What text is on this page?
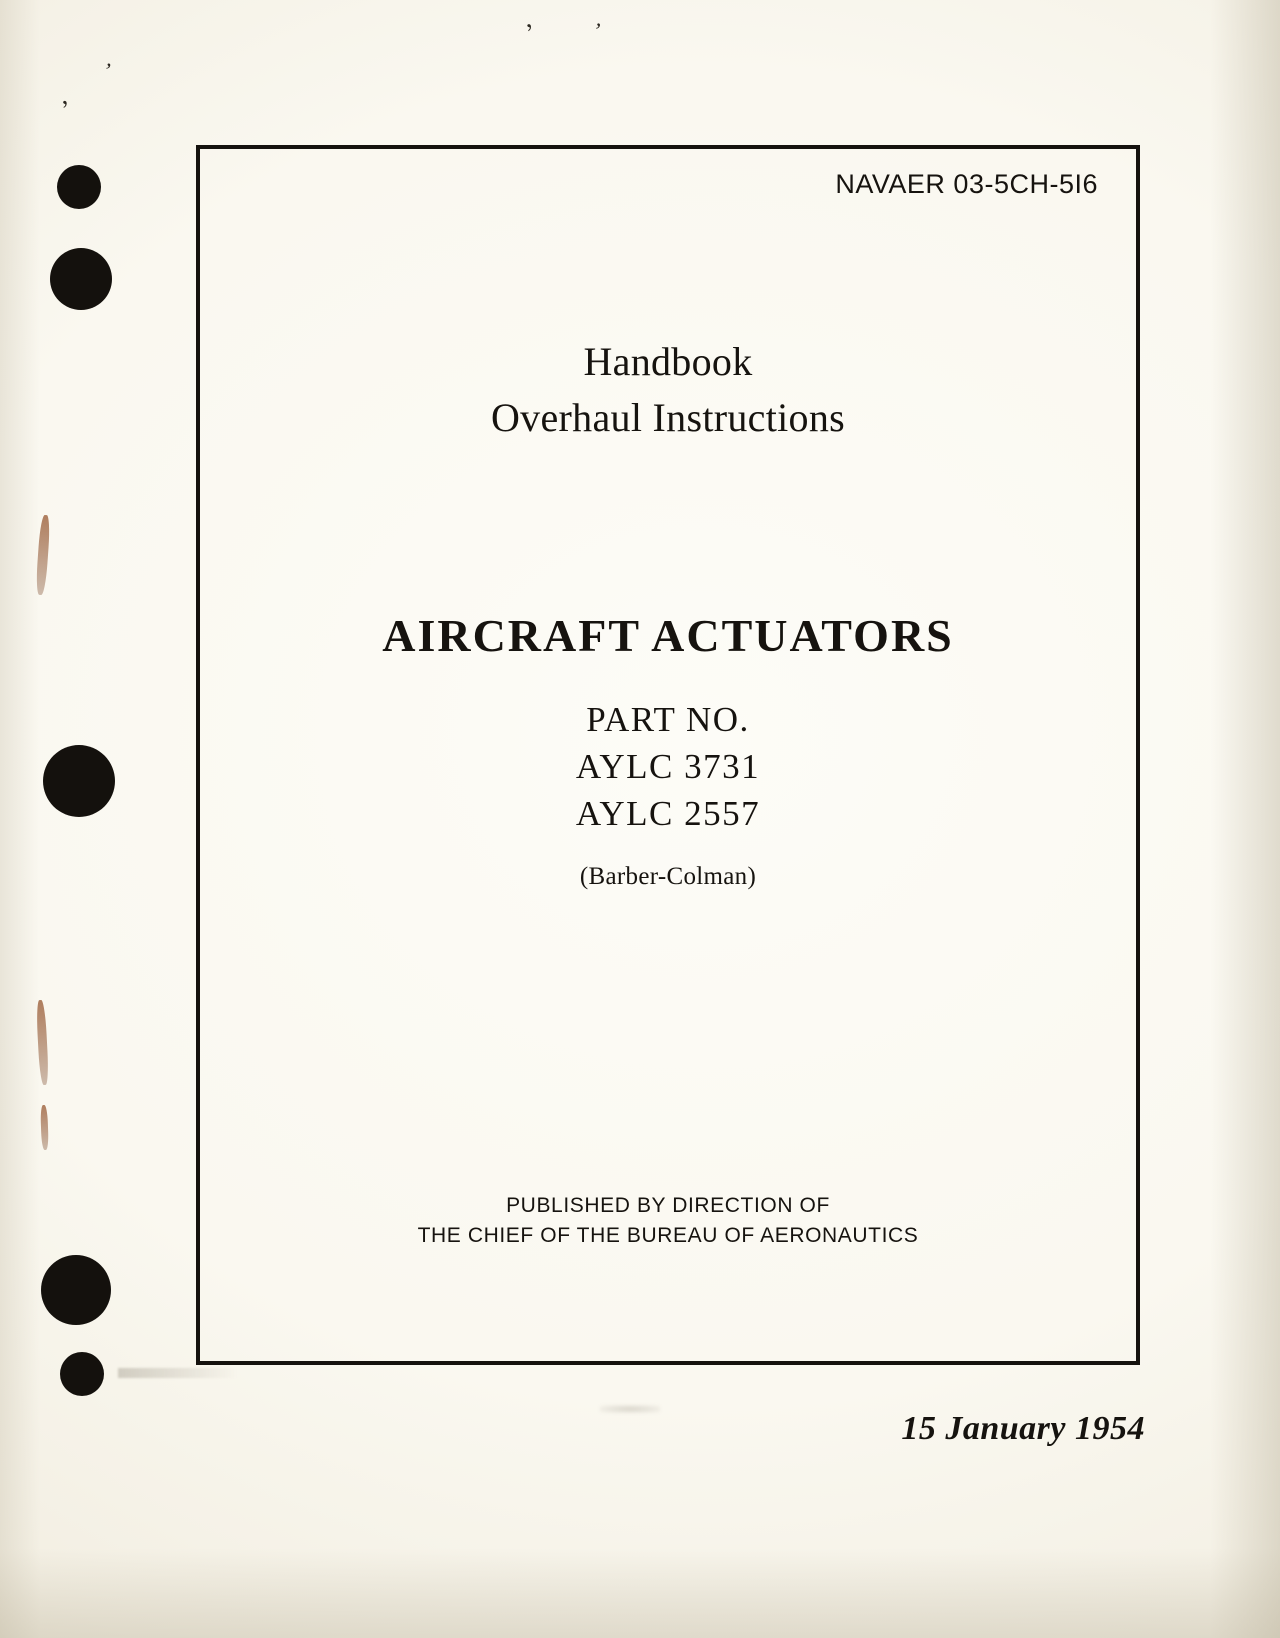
’ ’
’
’
NAVAER 03-5CH-5I6
Handbook
Overhaul Instructions
AIRCRAFT ACTUATORS
PART NO.
AYLC 3731
AYLC 2557
(Barber-Colman)
PUBLISHED BY DIRECTION OF
THE CHIEF OF THE BUREAU OF AERONAUTICS
15 January 1954
